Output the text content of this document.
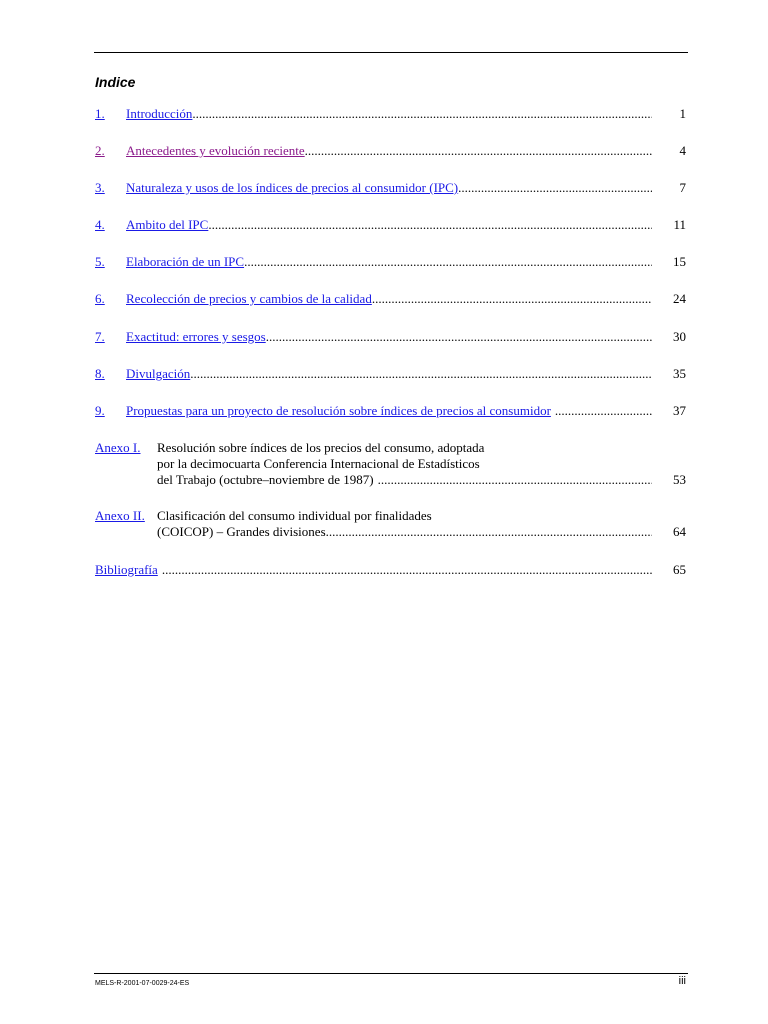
Indice
1. Introducción .....	1
2. Antecedentes y evolución reciente .....	4
3. Naturaleza y usos de los índices de precios al consumidor (IPC) .....	7
4. Ambito del IPC .....	11
5. Elaboración de un IPC .....	15
6. Recolección de precios y cambios de la calidad .....	24
7. Exactitud: errores y sesgos .....	30
8. Divulgación .....	35
9. Propuestas para un proyecto de resolución sobre índices de precios al consumidor .....	37
Anexo I. Resolución sobre índices de los precios del consumo, adoptada
por la decimocuarta Conferencia Internacional de Estadísticos
del Trabajo (octubre–noviembre de 1987) .....	53
Anexo II. Clasificación del consumo individual por finalidades
(COICOP) – Grandes divisiones .....	64
Bibliografía .....	65
MELS-R-2001-07-0029-24-ES	iii
